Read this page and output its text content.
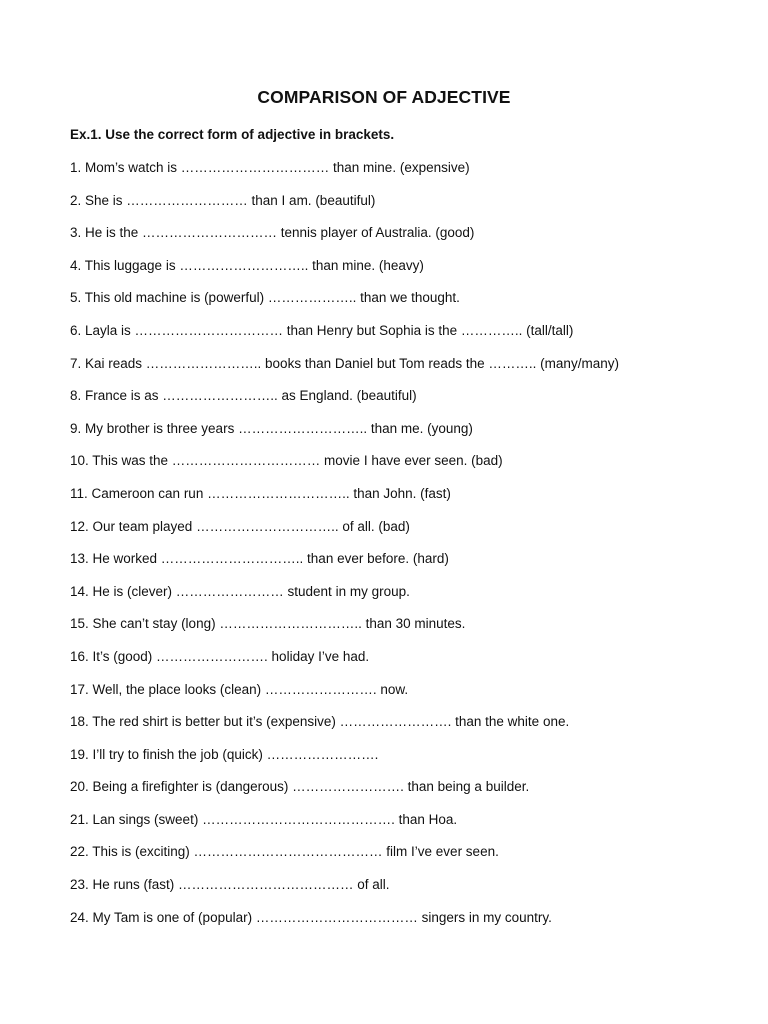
COMPARISON OF ADJECTIVE
Ex.1. Use the correct form of adjective in brackets.
1. Mom’s watch is …………………………… than mine. (expensive)
2. She is ……………………… than I am. (beautiful)
3. He is the ………………………… tennis player of Australia. (good)
4. This luggage is ……………………….. than mine. (heavy)
5. This old machine is (powerful) ……………….. than we thought.
6. Layla is …………………………… than Henry but Sophia is the ………….. (tall/tall)
7. Kai reads …………………….. books than Daniel but Tom reads the ……….. (many/many)
8. France is as …………………….. as England. (beautiful)
9. My brother is three years ……………………….. than me. (young)
10. This was the …………………………… movie I have ever seen. (bad)
11. Cameroon can run ………………………….. than John. (fast)
12. Our team played ………………………….. of all. (bad)
13. He worked ………………………….. than ever before. (hard)
14. He is (clever) …………………… student in my group.
15. She can’t stay (long) ………………………….. than 30 minutes.
16. It’s (good) ……………………. holiday I’ve had.
17. Well, the place looks (clean) ……………………. now.
18. The red shirt is better but it’s (expensive) ……………………. than the white one.
19. I’ll try to finish the job (quick) …………………….
20. Being a firefighter is (dangerous) ……………………. than being a builder.
21. Lan sings (sweet) ……………………………………. than Hoa.
22. This is (exciting) …………………………………… film I’ve ever seen.
23. He runs (fast) ………………………………… of all.
24. My Tam is one of (popular) ……………………………… singers in my country.
